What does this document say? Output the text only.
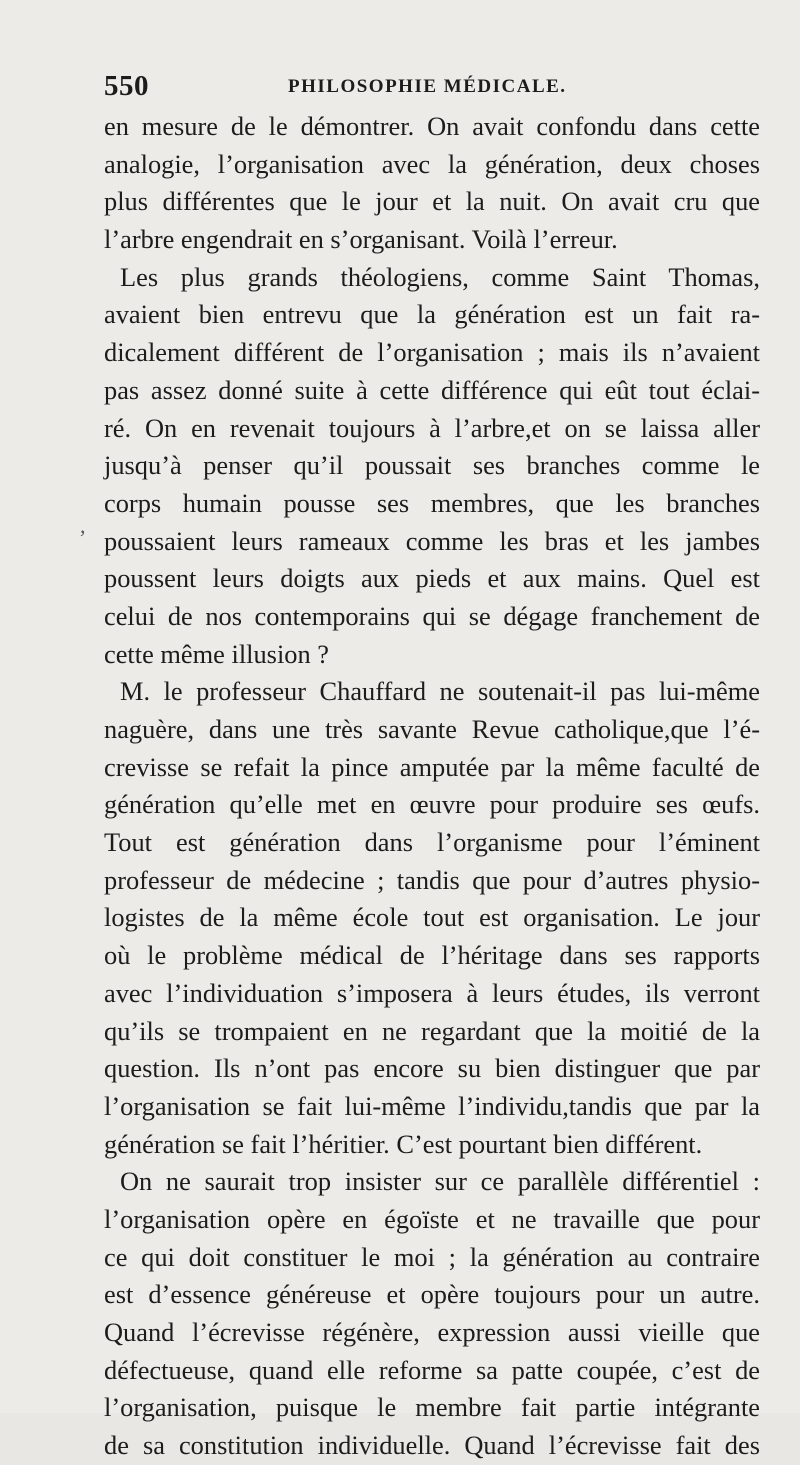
550	PHILOSOPHIE MÉDICALE.
,
en mesure de le démontrer. On avait confondu dans cette
analogie, l’organisation avec la génération, deux choses
plus différentes que le jour et la nuit. On avait cru que
l’arbre engendrait en s’organisant. Voilà l’erreur.
Les plus grands théologiens, comme Saint Thomas,
avaient bien entrevu que la génération est un fait ra-
dicalement différent de l’organisation ; mais ils n’avaient
pas assez donné suite à cette différence qui eût tout éclai-
ré. On en revenait toujours à l’arbre,et on se laissa aller
jusqu’à penser qu’il poussait ses branches comme le
corps humain pousse ses membres, que les branches
poussaient leurs rameaux comme les bras et les jambes
poussent leurs doigts aux pieds et aux mains. Quel est
celui de nos contemporains qui se dégage franchement de
cette même illusion ?
M. le professeur Chauffard ne soutenait-il pas lui-même
naguère, dans une très savante Revue catholique,que l’é-
crevisse se refait la pince amputée par la même faculté de
génération qu’elle met en œuvre pour produire ses œufs.
Tout est génération dans l’organisme pour l’éminent
professeur de médecine ; tandis que pour d’autres physio-
logistes de la même école tout est organisation. Le jour
où le problème médical de l’héritage dans ses rapports
avec l’individuation s’imposera à leurs études, ils verront
qu’ils se trompaient en ne regardant que la moitié de la
question. Ils n’ont pas encore su bien distinguer que par
l’organisation se fait lui-même l’individu,tandis que par la
génération se fait l’héritier. C’est pourtant bien différent.
On ne saurait trop insister sur ce parallèle différentiel :
l’organisation opère en égoïste et ne travaille que pour
ce qui doit constituer le moi ; la génération au contraire
est d’essence généreuse et opère toujours pour un autre.
Quand l’écrevisse régénère, expression aussi vieille que
défectueuse, quand elle reforme sa patte coupée, c’est de
l’organisation, puisque le membre fait partie intégrante
de sa constitution individuelle. Quand l’écrevisse fait des
